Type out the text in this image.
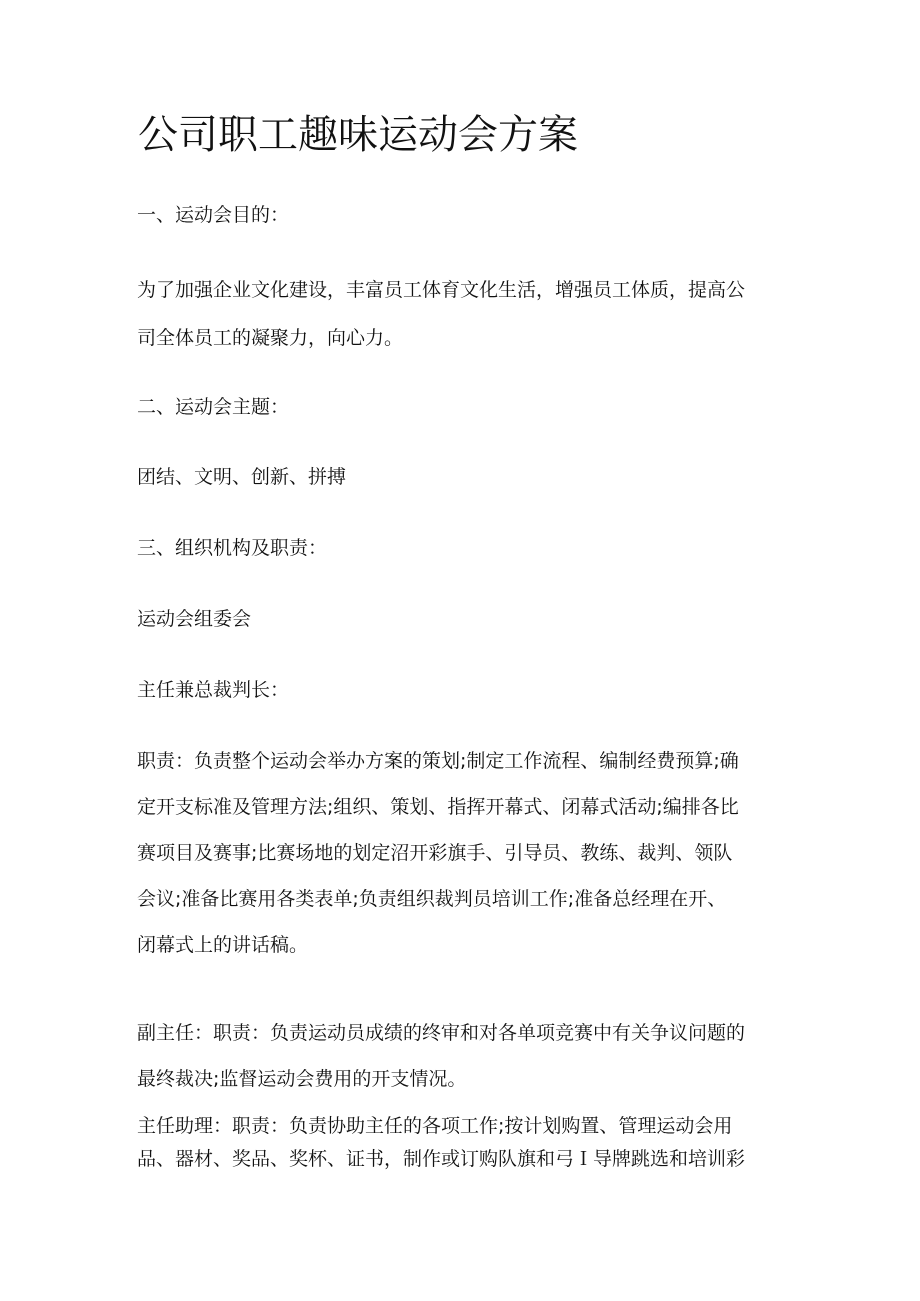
公司职工趣味运动会方案

一、运动会目的：

为了加强企业文化建设，丰富员工体育文化生活，增强员工体质，提高公
司全体员工的凝聚力，向心力。

二、运动会主题：

团结、文明、创新、拼搏

三、组织机构及职责：

运动会组委会

主任兼总裁判长：

职责：负责整个运动会举办方案的策划;制定工作流程、编制经费预算;确
定开支标准及管理方法;组织、策划、指挥开幕式、闭幕式活动;编排各比
赛项目及赛事;比赛场地的划定沼开彩旗手、引导员、教练、裁判、领队
会议;准备比赛用各类表单;负责组织裁判员培训工作;准备总经理在开、
闭幕式上的讲话稿。

副主任：职责：负责运动员成绩的终审和对各单项竞赛中有关争议问题的
最终裁决;监督运动会费用的开支情况。

主任助理：职责：负责协助主任的各项工作;按计划购置、管理运动会用
品、器材、奖品、奖杯、证书，制作或订购队旗和弓Ｉ导牌跳选和培训彩
